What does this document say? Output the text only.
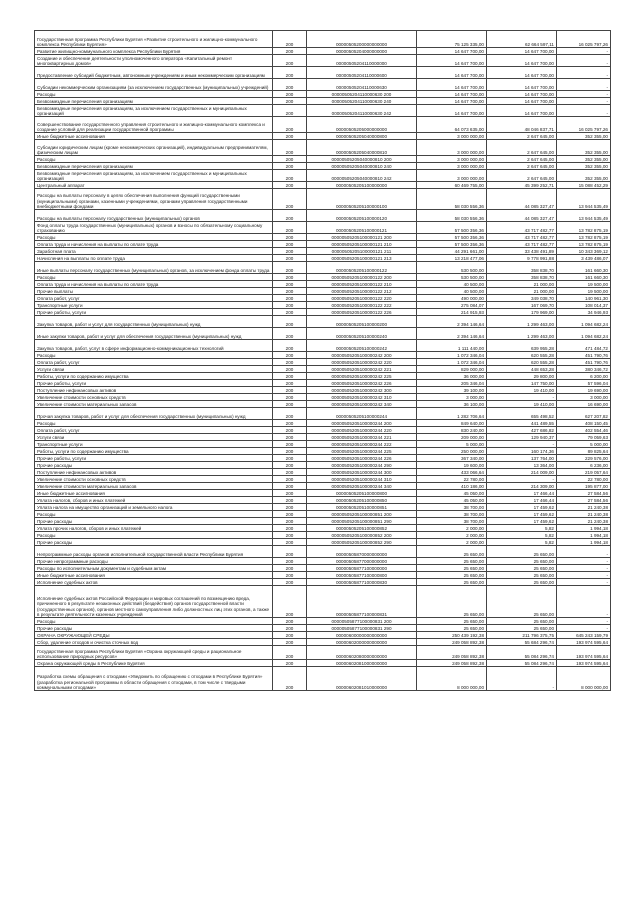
Государственная программа Республики Бурятия «Развитие строительного и жилищно-коммунального комплекса Республики Бурятия»	200	00000505200000000000	75 125 335,00	62 664 597,11	16 025 797,26
Развитие жилищно-коммунального комплекса Республики Бурятия	200	00000505204000000000	14 647 700,00	14 647 700,00	-
Создание и обеспечение деятельности уполномоченного оператора «Капитальный ремонт многоквартирных домов»	200	00000505204110000000	14 647 700,00	14 647 700,00	-
Предоставление субсидий бюджетным, автономным учреждениям и иным некоммерческим организациям	200	00000505204110000600	14 647 700,00	14 647 700,00	-
Субсидии некоммерческим организациям (за исключением государственных (муниципальных) учреждений)	200	00000505204110000630	14 647 700,00	14 647 700,00	-
Расходы	200	00000505204110000630 200	14 647 700,00	14 647 700,00	-
Безвозмездные перечисления организациям	200	00000505204110000630 240	14 647 700,00	14 647 700,00	-
Безвозмездные перечисления организациям, за исключением государственных и муниципальных организаций	200	00000505204110000630 242	14 647 700,00	14 647 700,00	-
Совершенствование государственного управления строительного и жилищно-коммунального комплекса и создание условий для реализации государственной программы	200	00000505205000000000	64 073 635,00	48 046 837,71	16 025 797,26
Иные бюджетные ассигнования	200	00000505205040000800	3 000 000,00	2 647 645,00	352 355,00
Субсидии юридическим лицам (кроме некоммерческих организаций), индивидуальным предпринимателям, физическим лицам	200	00000505205040000810	3 000 000,00	2 647 645,00	352 355,00
Расходы	200	00000505205040000810 200	3 000 000,00	2 647 645,00	352 355,00
Безвозмездные перечисления организациям	200	00000505205040000810 240	3 000 000,00	2 647 645,00	352 355,00
Безвозмездные перечисления организациям, за исключением государственных и муниципальных организаций	200	00000505205040000810 242	3 000 000,00	2 647 645,00	352 355,00
Центральный аппарат	200	00000505205100000000	60 469 755,00	45 399 252,71	15 088 452,29
Расходы на выплаты персоналу в целях обеспечения выполнения функций государственными (муниципальными) органами, казенными учреждениями, органами управления государственными внебюджетными фондами	200	00000505205100000100	58 030 556,36	44 085 327,47	13 944 535,49
Расходы на выплаты персоналу государственных (муниципальных) органов	200	00000505205100000120	58 030 556,36	44 085 327,47	13 944 535,49
Фонд оплаты труда государственных (муниципальных) органов и взносы по обязательному социальному страхованию	200	00000505205100000121	57 500 356,36	43 717 482,77	13 782 875,19
Расходы	200	00000505205100000121 200	57 500 356,36	43 717 482,77	13 782 875,19
Оплата труда и начисления на выплаты по оплате труда	200	00000505205100000121 210	57 500 356,36	43 717 482,77	13 782 875,19
Заработная плата	200	00000505205100000121 211	44 291 661,00	33 438 491,89	10 343 369,12
Начисления на выплаты по оплате труда	200	00000505205100000121 213	13 218 477,06	9 778 991,88	3 439 486,07
Иные выплаты персоналу государственных (муниципальных) органов, за исключением фонда оплаты труда	200	00000505205100000122	530 500,00	358 838,70	161 660,30
Расходы	200	00000505205100000122 200	530 500,00	358 838,70	161 660,30
Оплата труда и начисления на выплаты по оплате труда	200	00000505205100000122 210	40 500,00	21 000,00	19 500,00
Прочие выплаты	200	00000505205100000122 212	40 500,00	21 000,00	19 500,00
Оплата работ, услуг	200	00000505205100000122 220	490 000,00	349 038,70	140 961,30
Транспортные услуги	200	00000505205100000122 222	275 084,07	167 069,70	108 014,37
Прочие работы, услуги	200	00000505205100000122 226	214 915,93	179 969,00	34 946,93
Закупка товаров, работ и услуг для государственных (муниципальных) нужд	200	00000505205100000200	2 394 146,64	1 299 463,00	1 094 682,24
Иные закупки товаров, работ и услуг для обеспечения государственных (муниципальных) нужд	200	00000505205100000240	2 394 146,64	1 299 463,00	1 094 682,24
Закупка товаров, работ, услуг в сфере информационно-коммуникационных технологий	200	00000505205100000242	1 111 440,00	639 955,28	471 484,72
Расходы	200	00000505205100000242 200	1 072 346,04	620 555,28	451 790,76
Оплата работ, услуг	200	00000505205100000242 220	1 072 346,04	620 555,28	451 790,76
Услуги связи	200	00000505205100000242 221	829 000,00	448 653,28	380 346,72
Работы, услуги по содержанию имущества	200	00000505205100000242 225	36 000,00	29 800,00	6 200,00
Прочие работы, услуги	200	00000505205100000242 226	205 346,04	147 750,00	57 596,04
Поступление нефинансовых активов	200	00000505205100000242 300	39 100,00	19 410,00	19 690,00
Увеличение стоимости основных средств	200	00000505205100000242 310	3 000,00	-	3 000,00
Увеличение стоимости материальных запасов	200	00000505205100000242 340	36 100,00	19 410,00	16 690,00
Прочая закупка товаров, работ и услуг для обеспечения государственных (муниципальных) нужд	200	00000505205100000244	1 282 706,64	655 498,52	627 207,82
Расходы	200	00000505205100000244 200	849 640,00	441 489,55	408 150,45
Оплата работ, услуг	200	00000505205100000244 220	830 240,00	427 686,82	402 554,46
Услуги связи	200	00000505205100000244 221	209 000,00	129 940,37	79 059,63
Транспортные услуги	200	00000505205100000244 222	5 000,00	-	5 000,00
Работы, услуги по содержанию имущества	200	00000505205100000244 225	250 000,00	160 174,36	89 825,64
Прочие работы, услуги	200	00000505205100000244 226	367 340,00	137 764,00	229 576,00
Прочие расходы	200	00000505205100000244 290	19 600,00	13 364,00	6 236,00
Поступление нефинансовых активов	200	00000505205100000244 300	433 066,64	214 009,00	219 057,64
Увеличение стоимости основных средств	200	00000505205100000244 310	22 780,00	-	22 780,00
Увеличение стоимости материальных запасов	200	00000505205100000244 340	410 186,00	214 309,00	195 877,00
Иные бюджетные ассигнования	200	00000505205100000800	45 050,00	17 466,44	27 584,56
Уплата налогов, сборов и иных платежей	200	00000505205100000850	45 050,00	17 466,44	27 584,56
Уплата налога на имущество организаций и земельного налога	200	00000505205100000851	38 700,00	17 459,62	21 240,38
Расходы	200	00000505205100000851 200	38 700,00	17 459,62	21 240,38
Прочие расходы	200	00000505205100000851 290	38 700,00	17 459,62	21 240,38
Уплата прочих налогов, сборов и иных платежей	200	00000505205100000852	2 000,00	5,82	1 994,18
Расходы	200	00000505205100000852 200	2 000,00	5,82	1 994,18
Прочие расходы	200	00000505205100000852 290	2 000,00	5,82	1 994,18
Непрограммные расходы органов исполнительной государственной власти Республики Бурятия	200	00000505870000000000	25 650,00	25 650,00	-
Прочие непрограммные расходы	200	00000505877000000000	25 650,00	25 650,00	-
Расходы по исполнительным документам и судебным актам	200	00000505877100000000	25 650,00	25 650,00	-
Иные бюджетные ассигнования	200	00000505877100000800	25 650,00	25 650,00	-
Исполнение судебных актов	200	00000505877100000830	25 650,00	25 650,00	-
Исполнение судебных актов Российской Федерации и мировых соглашений по возмещению вреда, причиненного в результате незаконных действий (бездействия) органов государственной власти (государственных органов), органов местного самоуправления либо должностных лиц этих органов, а также в результате деятельности казенных учреждений	200	00000505877100000831	25 650,00	25 650,00	-
Расходы	200	00000505877100000831 200	25 650,00	25 650,00	-
Прочие расходы	200	00000505877100000831 290	25 650,00	25 650,00	-
ОХРАНА ОКРУЖАЮЩЕЙ СРЕДЫ	200	00000600000000000000	250 439 192,38	211 796 375,75	645 243 159,79
Сбор, удаление отходов и очистка сточных вод	200	00000602000000000000	249 058 892,38	55 684 296,74	193 974 595,64
Государственная программа Республики Бурятия «Охрана окружающей среды и рациональное использование природных ресурсов»	200	00000602080000000000	249 058 892,38	55 084 296,74	193 974 595,64
Охрана окружающей среды в Республике Бурятия	200	00000602081000000000	249 058 892,38	55 084 296,74	193 974 595,64
Разработка схемы обращения с отходами «Уведомить по обращению с отходами в Республике Бурятия» (разработка региональной программы в области обращения с отходами, в том числе с твердыми коммунальными отходами»	200	00000602081010000000	8 000 000,00	-	8 000 000,00
